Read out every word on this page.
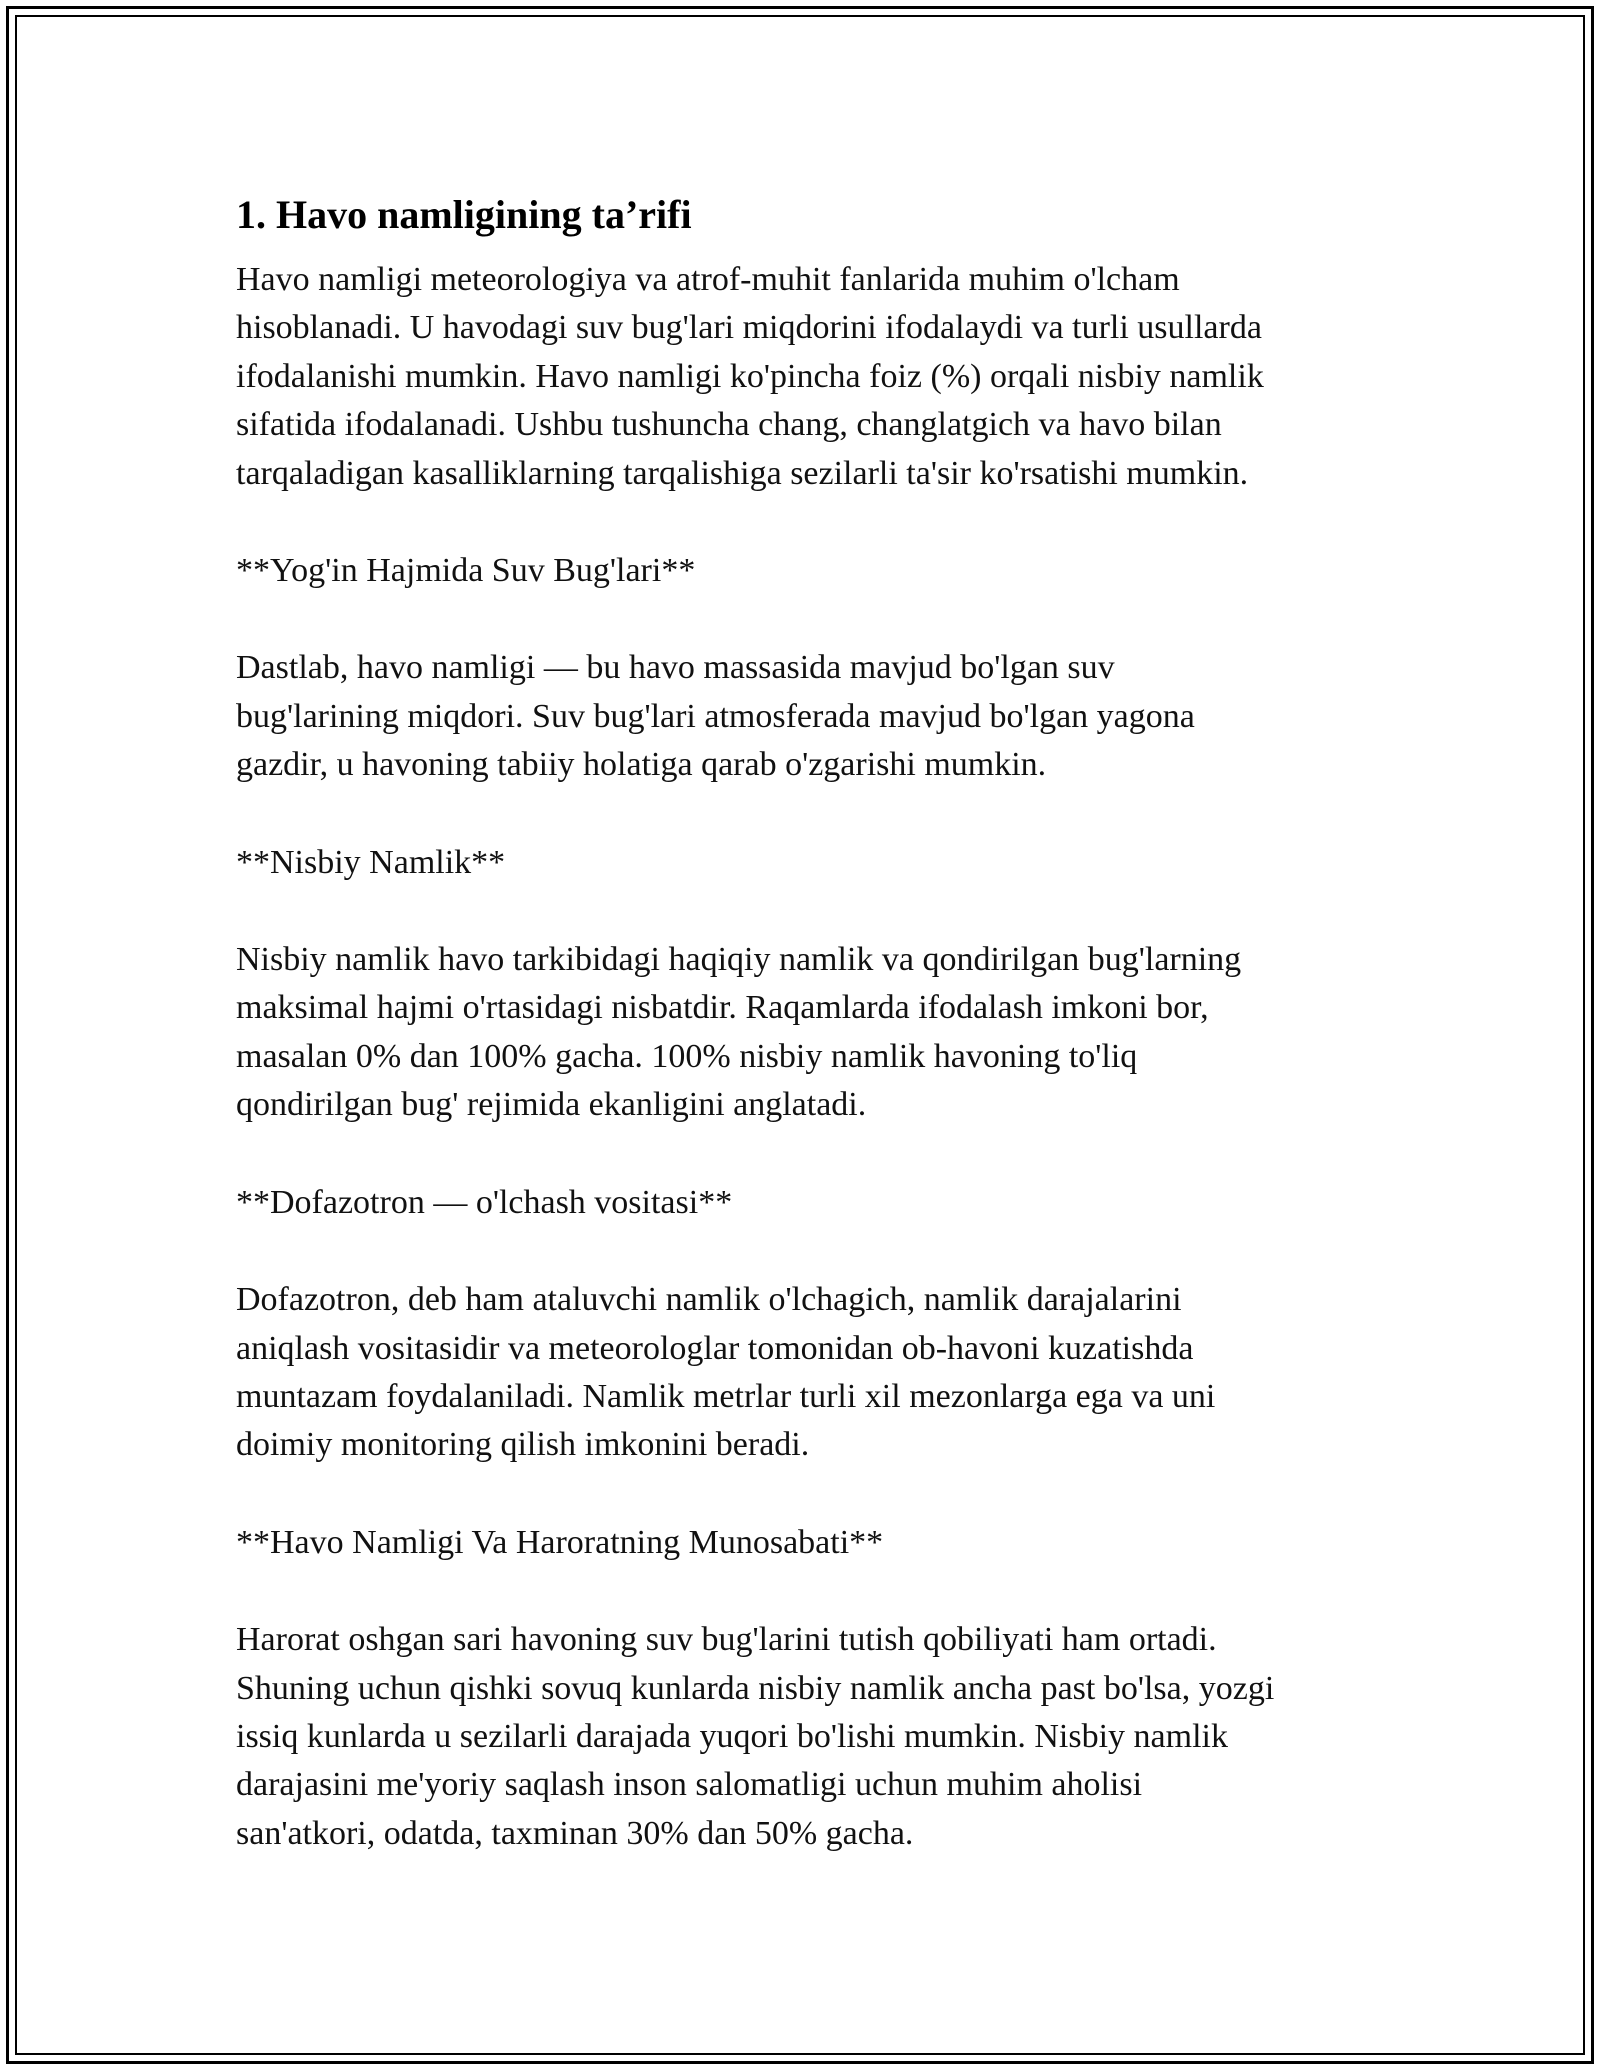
1. Havo namligining ta’rifi
Havo namligi meteorologiya va atrof-muhit fanlarida muhim o'lcham
hisoblanadi. U havodagi suv bug'lari miqdorini ifodalaydi va turli usullarda
ifodalanishi mumkin. Havo namligi ko'pincha foiz (%) orqali nisbiy namlik
sifatida ifodalanadi. Ushbu tushuncha chang, changlatgich va havo bilan
tarqaladigan kasalliklarning tarqalishiga sezilarli ta'sir ko'rsatishi mumkin.
**Yog'in Hajmida Suv Bug'lari**
Dastlab, havo namligi — bu havo massasida mavjud bo'lgan suv
bug'larining miqdori. Suv bug'lari atmosferada mavjud bo'lgan yagona
gazdir, u havoning tabiiy holatiga qarab o'zgarishi mumkin.
**Nisbiy Namlik**
Nisbiy namlik havo tarkibidagi haqiqiy namlik va qondirilgan bug'larning
maksimal hajmi o'rtasidagi nisbatdir. Raqamlarda ifodalash imkoni bor,
masalan 0% dan 100% gacha. 100% nisbiy namlik havoning to'liq
qondirilgan bug' rejimida ekanligini anglatadi.
**Dofazotron — o'lchash vositasi**
Dofazotron, deb ham ataluvchi namlik o'lchagich, namlik darajalarini
aniqlash vositasidir va meteorologlar tomonidan ob-havoni kuzatishda
muntazam foydalaniladi. Namlik metrlar turli xil mezonlarga ega va uni
doimiy monitoring qilish imkonini beradi.
**Havo Namligi Va Haroratning Munosabati**
Harorat oshgan sari havoning suv bug'larini tutish qobiliyati ham ortadi.
Shuning uchun qishki sovuq kunlarda nisbiy namlik ancha past bo'lsa, yozgi
issiq kunlarda u sezilarli darajada yuqori bo'lishi mumkin. Nisbiy namlik
darajasini me'yoriy saqlash inson salomatligi uchun muhim aholisi
san'atkori, odatda, taxminan 30% dan 50% gacha.
